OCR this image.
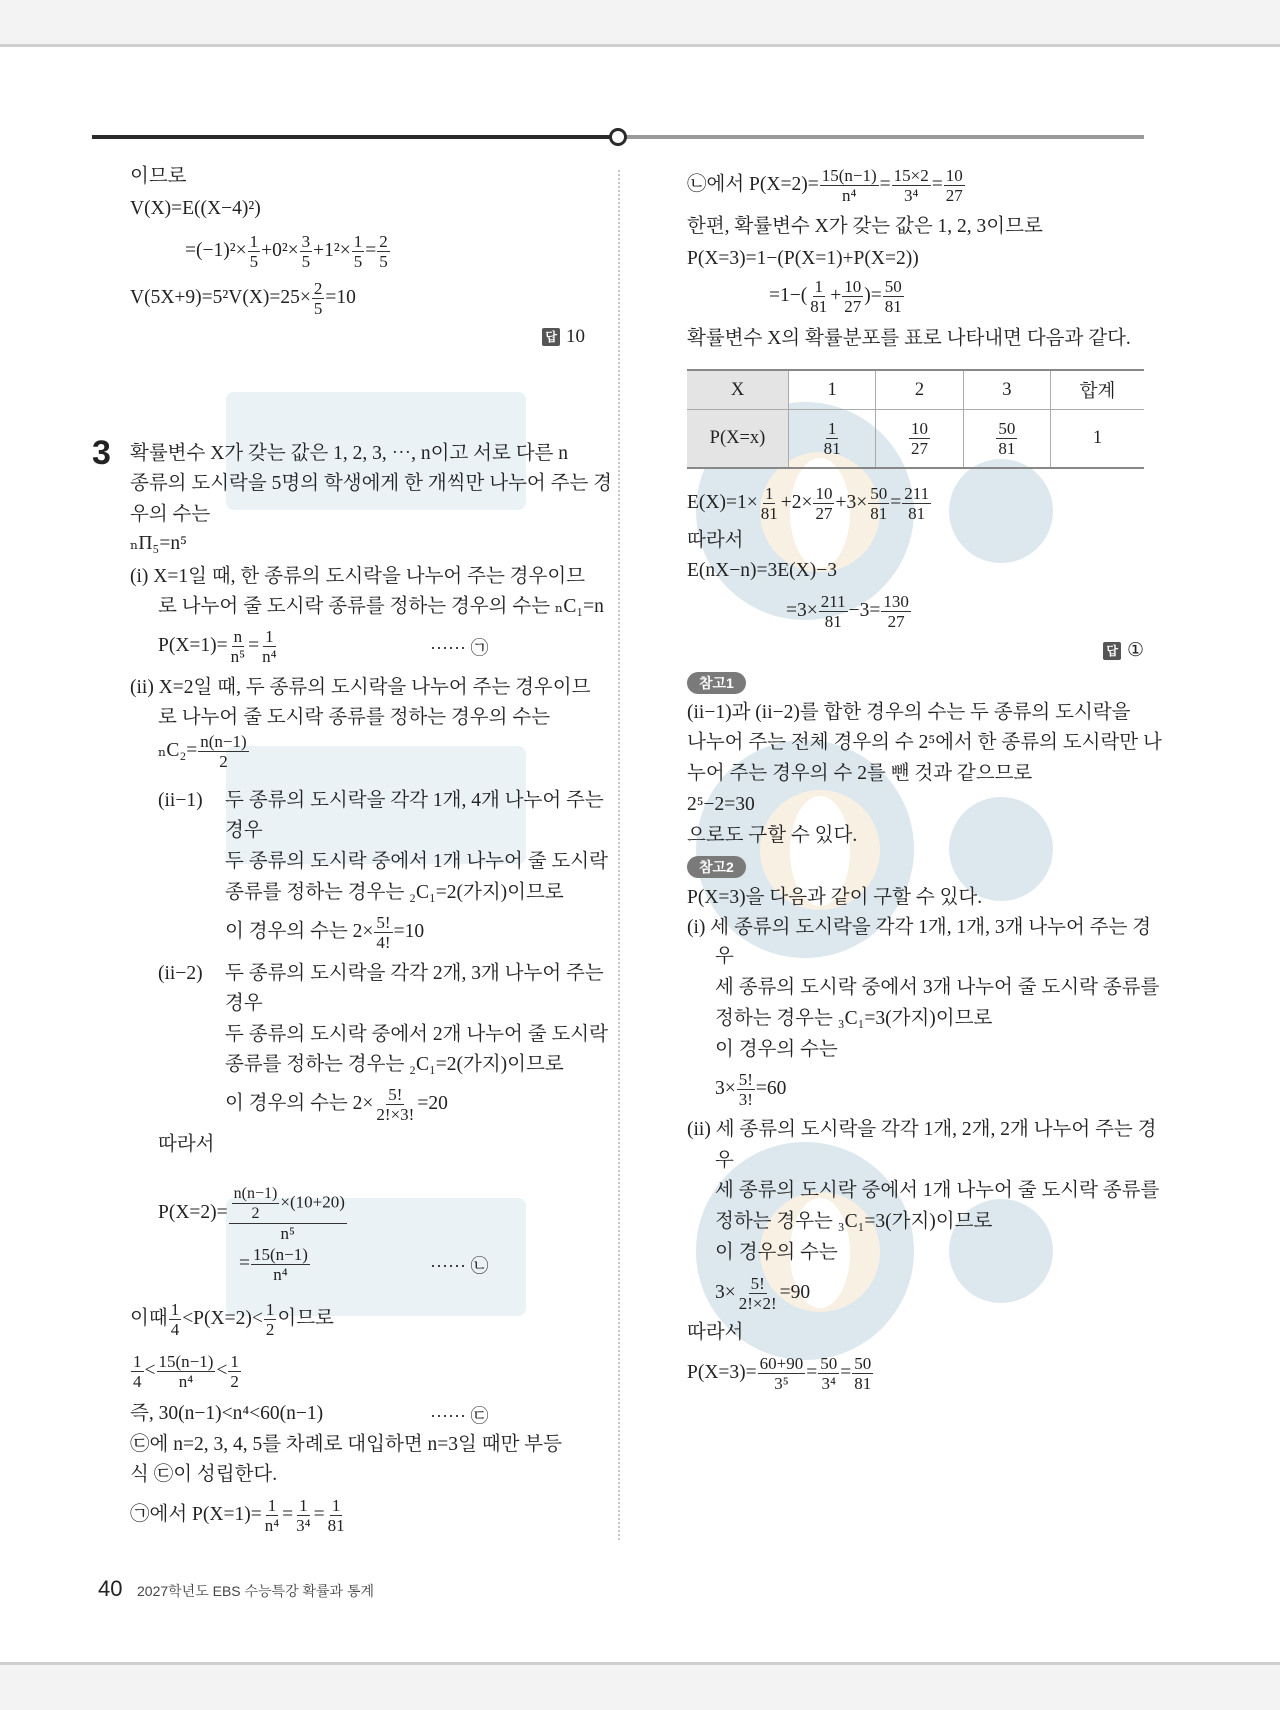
이므로
V(X)=E((X−4)²)
$=(-1)^2\times \frac{1}{5} +0^2\times \frac{3}{5} +1^2\times \frac{1}{5} = \frac{2}{5}$
$V(5X+9)=5^2V(X)=25\times \frac{2}{5} =10$
확률변수 X가 갖는 값은 1, 2, 3, ⋯, n이고 서로 다른 n
종류의 도시락을 5명의 학생에게 한 개씩만 나누어 주는 경
우의 수는
ₙΠ₅=n⁵
(i) X=1일 때, 한 종류의 도시락을 나누어 주는 경우이므
로 나누어 줄 도시락 종류를 정하는 경우의 수는 ₙC₁=n
$P(X=1)= \frac{n}{\text{n⁵}} = \frac{1}{\text{n⁴}}$	······ ㉠
(ii) X=2일 때, 두 종류의 도시락을 나누어 주는 경우이므
로 나누어 줄 도시락 종류를 정하는 경우의 수는
$_nC_2= \frac{n(n-1)}{2}$
(ii−1) 두 종류의 도시락을 각각 1개, 4개 나누어 주는
경우
두 종류의 도시락 중에서 1개 나누어 줄 도시락
종류를 정하는 경우는 ₂C₁=2(가지)이므로
이 경우의 수는 $2\times \frac{5!}{4!} =10$
(ii−2) 두 종류의 도시락을 각각 2개, 3개 나누어 주는
경우
두 종류의 도시락 중에서 2개 나누어 줄 도시락
종류를 정하는 경우는 ₂C₁=2(가지)이므로
이 경우의 수는 $2\times \frac{5!}{2!\times 3!} =20$
따라서
$P(X=2)= \frac{\frac{n(n-1)}{2} \times(10+20)}{\text{n⁵}}$
= $\frac{15(n-1)}{\text{n⁴}}$	······ ㉡
이때 $\frac{1}{4} <P(X=2)< \frac{1}{2}$ 이므로
$\frac{1}{4} < \frac{15(n-1)}{\text{n⁴}} < \frac{1}{2}$
즉, 30(n−1)<n⁴<60(n−1)	······ ㉢
㉢에 n=2, 3, 4, 5를 차례로 대입하면 n=3일 때만 부등
식 ㉢이 성립한다.
㉠에서 $P(X=1)= \frac{1}{\text{n⁴}} = \frac{1}{\text{3⁴}} = \frac{1}{81}$
㉡에서 $P(X=2)= \frac{15(n-1)}{\text{n⁴}} = \frac{15\times 2}{\text{3⁴}} = \frac{10}{27}$
한편, 확률변수 X가 갖는 값은 1, 2, 3이므로
P(X=3)=1−(P(X=1)+P(X=2))
$=1-( \frac{1}{81} + \frac{10}{27}$ )= $\frac{50}{81}$
확률변수 X의 확률분포를 표로 나타내면 다음과 같다.
$E(X)=1\times \frac{1}{81} +2\times \frac{10}{27} +3\times \frac{50}{81} = \frac{211}{81}$
따라서
E(nX−n)=3E(X)−3
$=3\times \frac{211}{81} -3= \frac{130}{27}$
(ii−1)과 (ii−2)를 합한 경우의 수는 두 종류의 도시락을
나누어 주는 전체 경우의 수 2⁵에서 한 종류의 도시락만 나
누어 주는 경우의 수 2를 뺀 것과 같으므로
2⁵−2=30
으로도 구할 수 있다.
P(X=3)을 다음과 같이 구할 수 있다.
(i) 세 종류의 도시락을 각각 1개, 1개, 3개 나누어 주는 경
우
세 종류의 도시락 중에서 3개 나누어 줄 도시락 종류를
정하는 경우는 ₃C₁=3(가지)이므로
이 경우의 수는
$3\times \frac{5!}{3!} =60$
(ii) 세 종류의 도시락을 각각 1개, 2개, 2개 나누어 주는 경
우
세 종류의 도시락 중에서 1개 나누어 줄 도시락 종류를
정하는 경우는 ₃C₁=3(가지)이므로
이 경우의 수는
$3\times \frac{5!}{2!\times 2!} =90$
따라서
$P(X=3)= \frac{60+90}{\text{3⁵}} = \frac{50}{\text{3⁴}} = \frac{50}{81}$
3
답 10
답 ①
참고1
참고2
X	1	2	3	합계
P(X=x)	$\frac{1}{81}$	$\frac{10}{27}$	$\frac{50}{81}$	1
40 2027학년도 EBS 수능특강 확률과 통계
